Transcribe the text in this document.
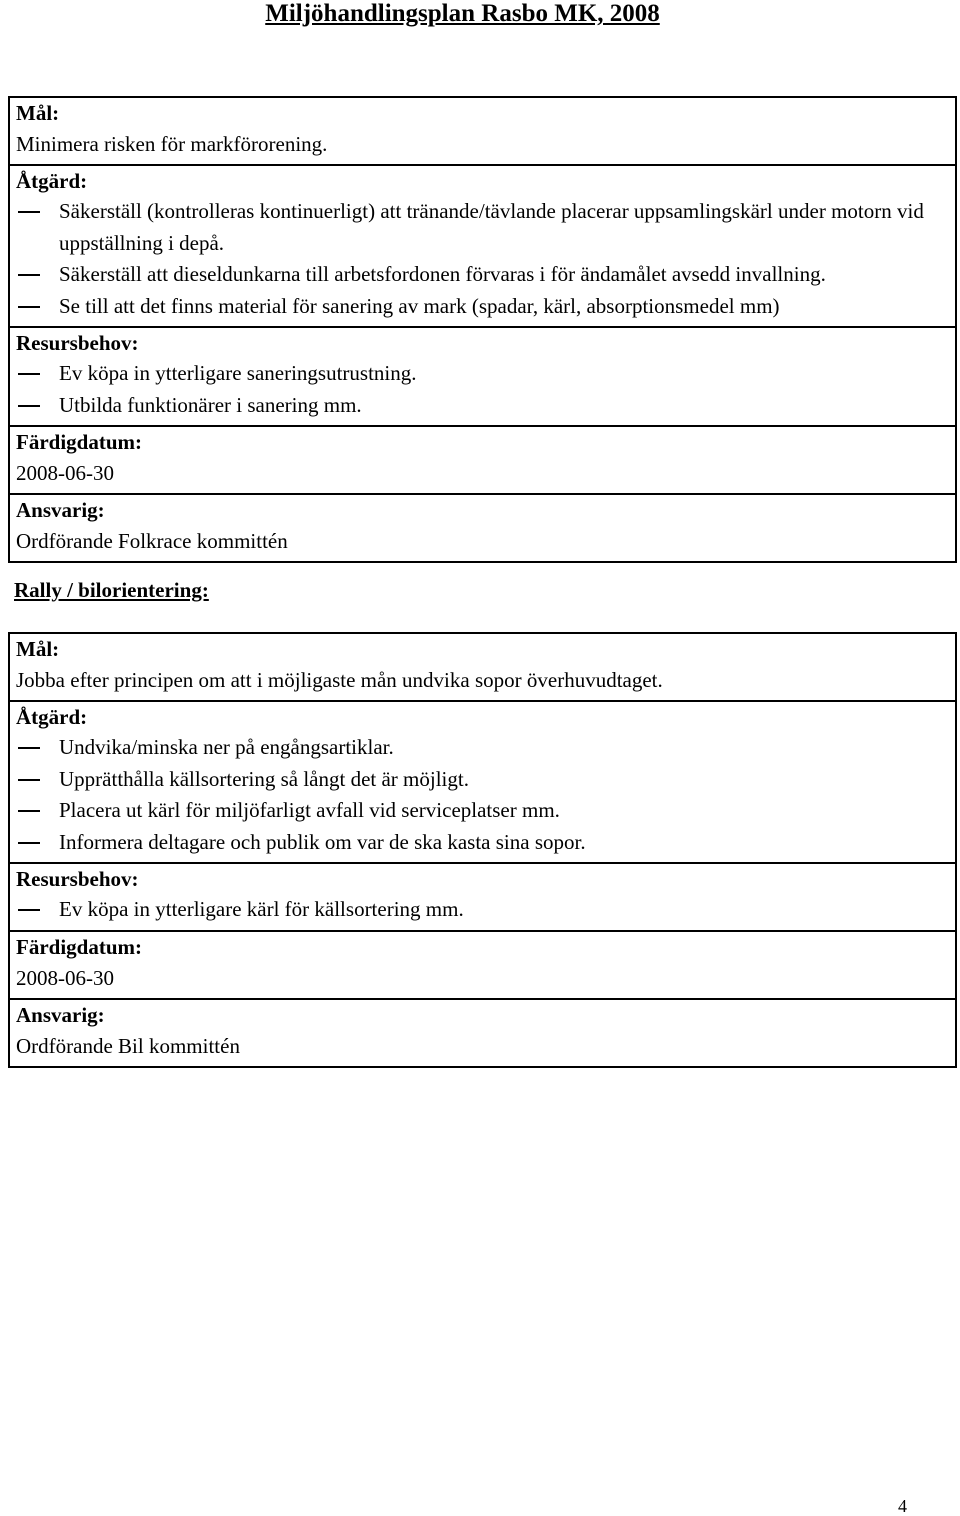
Miljöhandlingsplan Rasbo MK, 2008
Mål:
Minimera risken för markförorening.
Åtgärd:
Säkerställ (kontrolleras kontinuerligt) att tränande/tävlande placerar uppsamlingskärl under motorn vid uppställning i depå.
Säkerställ att dieseldunkarna till arbetsfordonen förvaras i för ändamålet avsedd invallning.
Se till att det finns material för sanering av mark (spadar, kärl, absorptionsmedel mm)
Resursbehov:
Ev köpa in ytterligare saneringsutrustning.
Utbilda funktionärer i sanering mm.
Färdigdatum:
2008-06-30
Ansvarig:
Ordförande Folkrace kommittén
Rally / bilorientering:
Mål:
Jobba efter principen om att i möjligaste mån undvika sopor överhuvudtaget.
Åtgärd:
Undvika/minska ner på engångsartiklar.
Upprätthålla källsortering så långt det är möjligt.
Placera ut kärl för miljöfarligt avfall vid serviceplatser mm.
Informera deltagare och publik om var de ska kasta sina sopor.
Resursbehov:
Ev köpa in ytterligare kärl för källsortering mm.
Färdigdatum:
2008-06-30
Ansvarig:
Ordförande Bil kommittén
4
